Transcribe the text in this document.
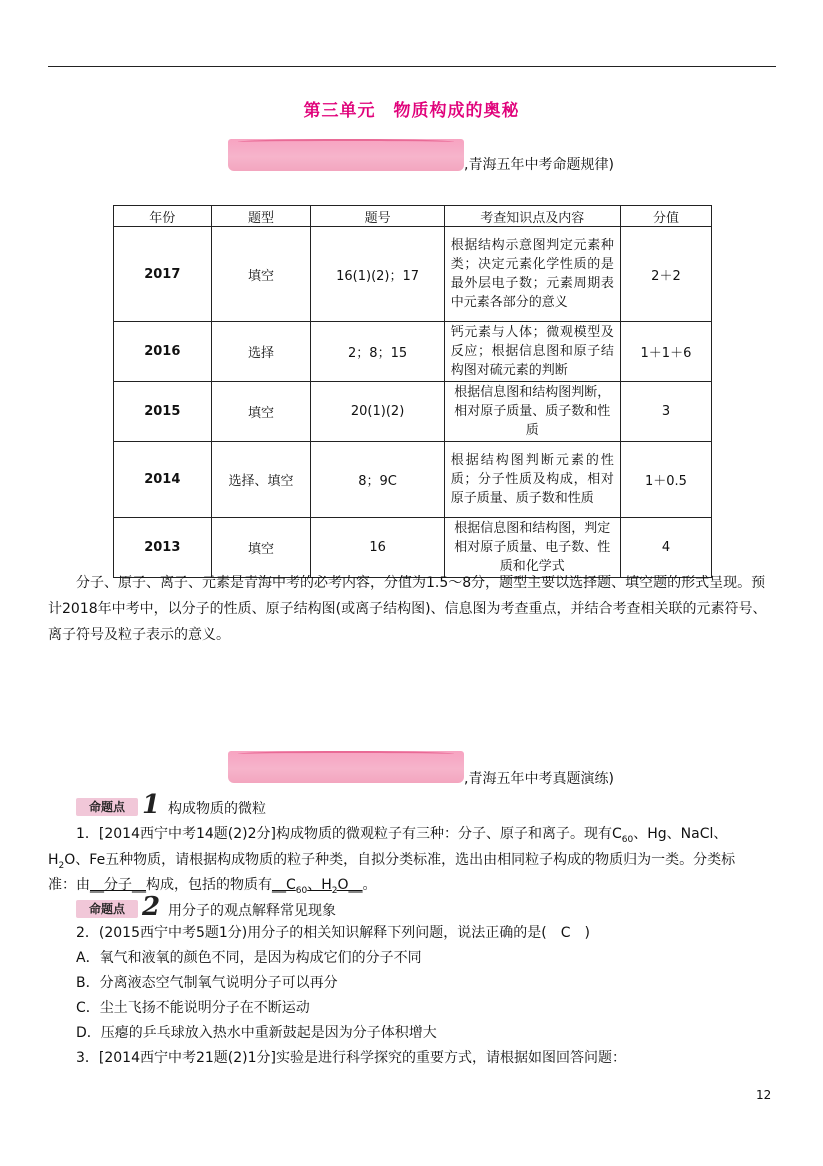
第三单元　物质构成的奥秘
,青海五年中考命题规律)
年份	题型	题号	考查知识点及内容	分值
2017	填空	16(1)(2)；17	根据结构示意图判定元素种类；决定元素化学性质的是最外层电子数；元素周期表中元素各部分的意义	2＋2
2016	选择	2；8；15	钙元素与人体；微观模型及反应；根据信息图和原子结构图对硫元素的判断	1＋1＋6
2015	填空	20(1)(2)	根据信息图和结构图判断，相对原子质量、质子数和性质	3
2014	选择、填空	8；9C	根据结构图判断元素的性质；分子性质及构成，相对原子质量、质子数和性质	1＋0.5
2013	填空	16	根据信息图和结构图，判定相对原子质量、电子数、性质和化学式	4

分子、原子、离子、元素是青海中考的必考内容，分值为1.5～8分，题型主要以选择题、填空题的形式呈现。预计2018年中考中，以分子的性质、原子结构图(或离子结构图)、信息图为考查重点，并结合考查相关联的元素符号、离子符号及粒子表示的意义。

,青海五年中考真题演练)
命题点 1 构成物质的微粒
1．[2014西宁中考14题(2)2分]构成物质的微观粒子有三种：分子、原子和离子。现有$C_{60}$、Hg、NaCl、
$H_2O$、Fe五种物质，请根据构成物质的粒子种类，自拟分类标准，选出由相同粒子构成的物质归为一类。分类标
准：由__分子__构成，包括的物质有$\_\_C_{60}$、$H_2O\_\_$。
命题点 2 用分子的观点解释常见现象
2．(2015西宁中考5题1分)用分子的相关知识解释下列问题，说法正确的是(　C　)
A．氧气和液氧的颜色不同，是因为构成它们的分子不同
B．分离液态空气制氧气说明分子可以再分
C．尘土飞扬不能说明分子在不断运动
D．压瘪的乒乓球放入热水中重新鼓起是因为分子体积增大
3．[2014西宁中考21题(2)1分]实验是进行科学探究的重要方式，请根据如图回答问题：
12
